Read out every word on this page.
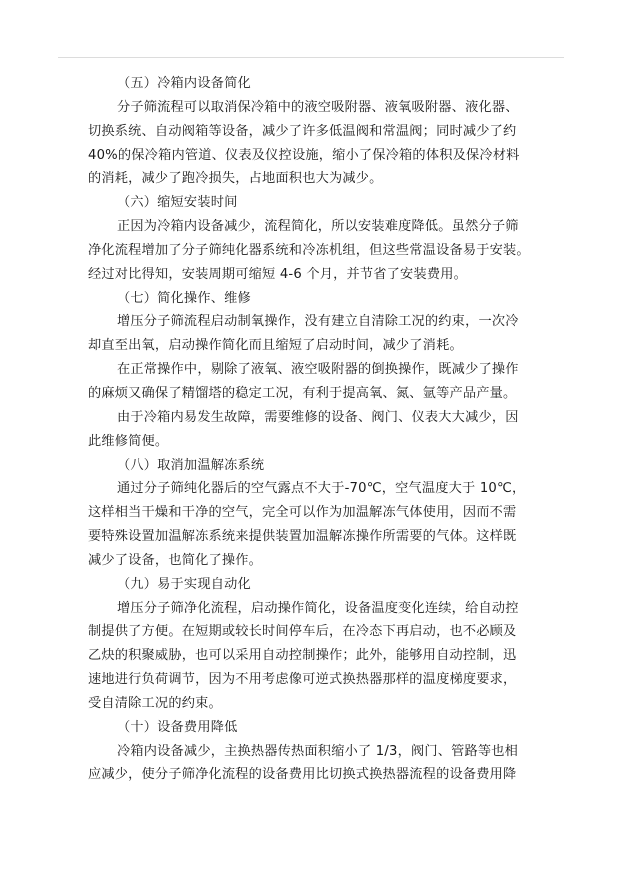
（五）冷箱内设备简化
分子筛流程可以取消保冷箱中的液空吸附器、液氧吸附器、液化器、
切换系统、自动阀箱等设备，减少了许多低温阀和常温阀；同时减少了约
40%的保冷箱内管道、仪表及仪控设施，缩小了保冷箱的体积及保冷材料
的消耗，减少了跑冷损失，占地面积也大为减少。
（六）缩短安装时间
正因为冷箱内设备减少，流程简化，所以安装难度降低。虽然分子筛
净化流程增加了分子筛纯化器系统和冷冻机组，但这些常温设备易于安装。
经过对比得知，安装周期可缩短 4-6 个月，并节省了安装费用。
（七）简化操作、维修
增压分子筛流程启动制氧操作，没有建立自清除工况的约束，一次冷
却直至出氧，启动操作简化而且缩短了启动时间，减少了消耗。
在正常操作中，剔除了液氧、液空吸附器的倒换操作，既减少了操作
的麻烦又确保了精馏塔的稳定工况，有利于提高氧、氮、氩等产品产量。
由于冷箱内易发生故障，需要维修的设备、阀门、仪表大大减少，因
此维修简便。
（八）取消加温解冻系统
通过分子筛纯化器后的空气露点不大于-70℃，空气温度大于 10℃，
这样相当干燥和干净的空气，完全可以作为加温解冻气体使用，因而不需
要特殊设置加温解冻系统来提供装置加温解冻操作所需要的气体。这样既
减少了设备，也简化了操作。
（九）易于实现自动化
增压分子筛净化流程，启动操作简化，设备温度变化连续，给自动控
制提供了方便。在短期或较长时间停车后，在冷态下再启动，也不必顾及
乙炔的积聚威胁，也可以采用自动控制操作；此外，能够用自动控制，迅
速地进行负荷调节，因为不用考虑像可逆式换热器那样的温度梯度要求，
受自清除工况的约束。
（十）设备费用降低
冷箱内设备减少，主换热器传热面积缩小了 1/3，阀门、管路等也相
应减少，使分子筛净化流程的设备费用比切换式换热器流程的设备费用降
